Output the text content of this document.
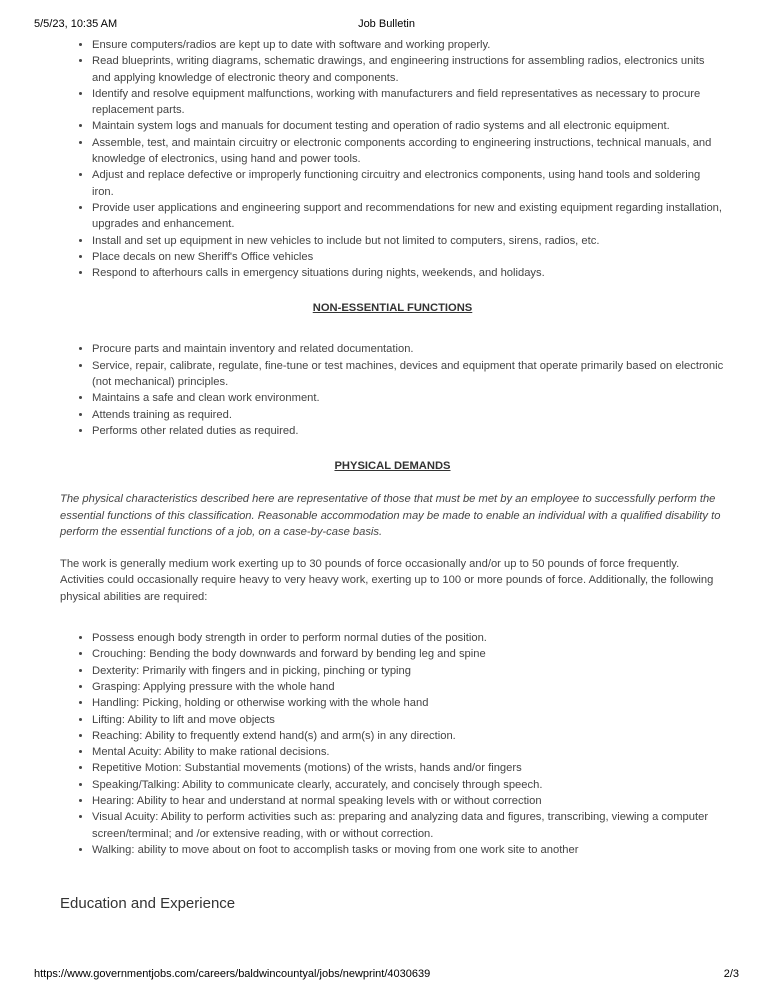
5/5/23, 10:35 AM	Job Bulletin
• Ensure computers/radios are kept up to date with software and working properly.
• Read blueprints, writing diagrams, schematic drawings, and engineering instructions for assembling radios, electronics units and applying knowledge of electronic theory and components.
• Identify and resolve equipment malfunctions, working with manufacturers and field representatives as necessary to procure replacement parts.
• Maintain system logs and manuals for document testing and operation of radio systems and all electronic equipment.
• Assemble, test, and maintain circuitry or electronic components according to engineering instructions, technical manuals, and knowledge of electronics, using hand and power tools.
• Adjust and replace defective or improperly functioning circuitry and electronics components, using hand tools and soldering iron.
• Provide user applications and engineering support and recommendations for new and existing equipment regarding installation, upgrades and enhancement.
• Install and set up equipment in new vehicles to include but not limited to computers, sirens, radios, etc.
• Place decals on new Sheriff's Office vehicles
• Respond to afterhours calls in emergency situations during nights, weekends, and holidays.
NON-ESSENTIAL FUNCTIONS
• Procure parts and maintain inventory and related documentation.
• Service, repair, calibrate, regulate, fine-tune or test machines, devices and equipment that operate primarily based on electronic (not mechanical) principles.
• Maintains a safe and clean work environment.
• Attends training as required.
• Performs other related duties as required.
PHYSICAL DEMANDS

The physical characteristics described here are representative of those that must be met by an employee to successfully perform the essential functions of this classification. Reasonable accommodation may be made to enable an individual with a qualified disability to perform the essential functions of a job, on a case-by-case basis.

The work is generally medium work exerting up to 30 pounds of force occasionally and/or up to 50 pounds of force frequently. Activities could occasionally require heavy to very heavy work, exerting up to 100 or more pounds of force. Additionally, the following physical abilities are required:

• Possess enough body strength in order to perform normal duties of the position.
• Crouching: Bending the body downwards and forward by bending leg and spine
• Dexterity: Primarily with fingers and in picking, pinching or typing
• Grasping: Applying pressure with the whole hand
• Handling: Picking, holding or otherwise working with the whole hand
• Lifting: Ability to lift and move objects
• Reaching: Ability to frequently extend hand(s) and arm(s) in any direction.
• Mental Acuity: Ability to make rational decisions.
• Repetitive Motion: Substantial movements (motions) of the wrists, hands and/or fingers
• Speaking/Talking: Ability to communicate clearly, accurately, and concisely through speech.
• Hearing: Ability to hear and understand at normal speaking levels with or without correction
• Visual Acuity: Ability to perform activities such as: preparing and analyzing data and figures, transcribing, viewing a computer screen/terminal; and /or extensive reading, with or without correction.
• Walking: ability to move about on foot to accomplish tasks or moving from one work site to another
Education and Experience
https://www.governmentjobs.com/careers/baldwincountyal/jobs/newprint/4030639	2/3
